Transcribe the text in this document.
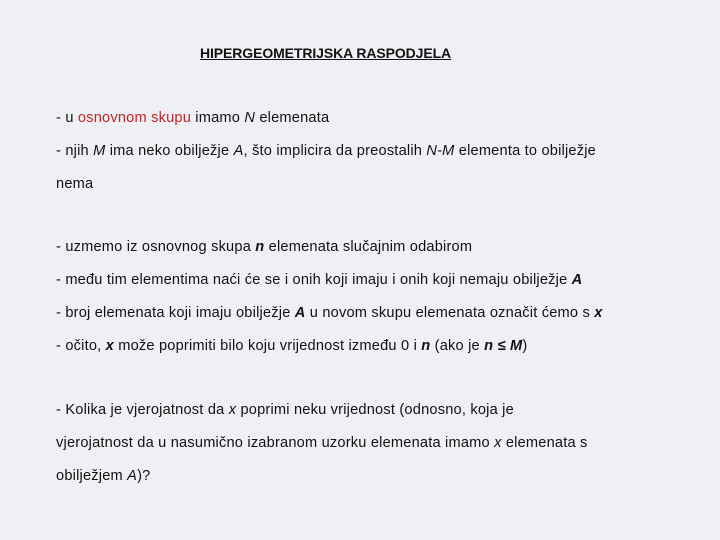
HIPERGEOMETRIJSKA RASPODJELA
- u osnovnom skupu imamo N elemenata
- njih M ima neko obilježje A, što implicira da preostalih N-M elementa to obilježje
nema
- uzmemo iz osnovnog skupa n elemenata slučajnim odabirom
- među tim elementima naći će se i onih koji imaju i onih koji nemaju obilježje A
- broj elemenata koji imaju obilježje A u novom skupu elemenata označit ćemo s x
- očito, x može poprimiti bilo koju vrijednost između 0 i n (ako je n ≤ M)
- Kolika je vjerojatnost da x poprimi neku vrijednost (odnosno, koja je
vjerojatnost da u nasumično izabranom uzorku elemenata imamo x elemenata s
obilježjem A)?
